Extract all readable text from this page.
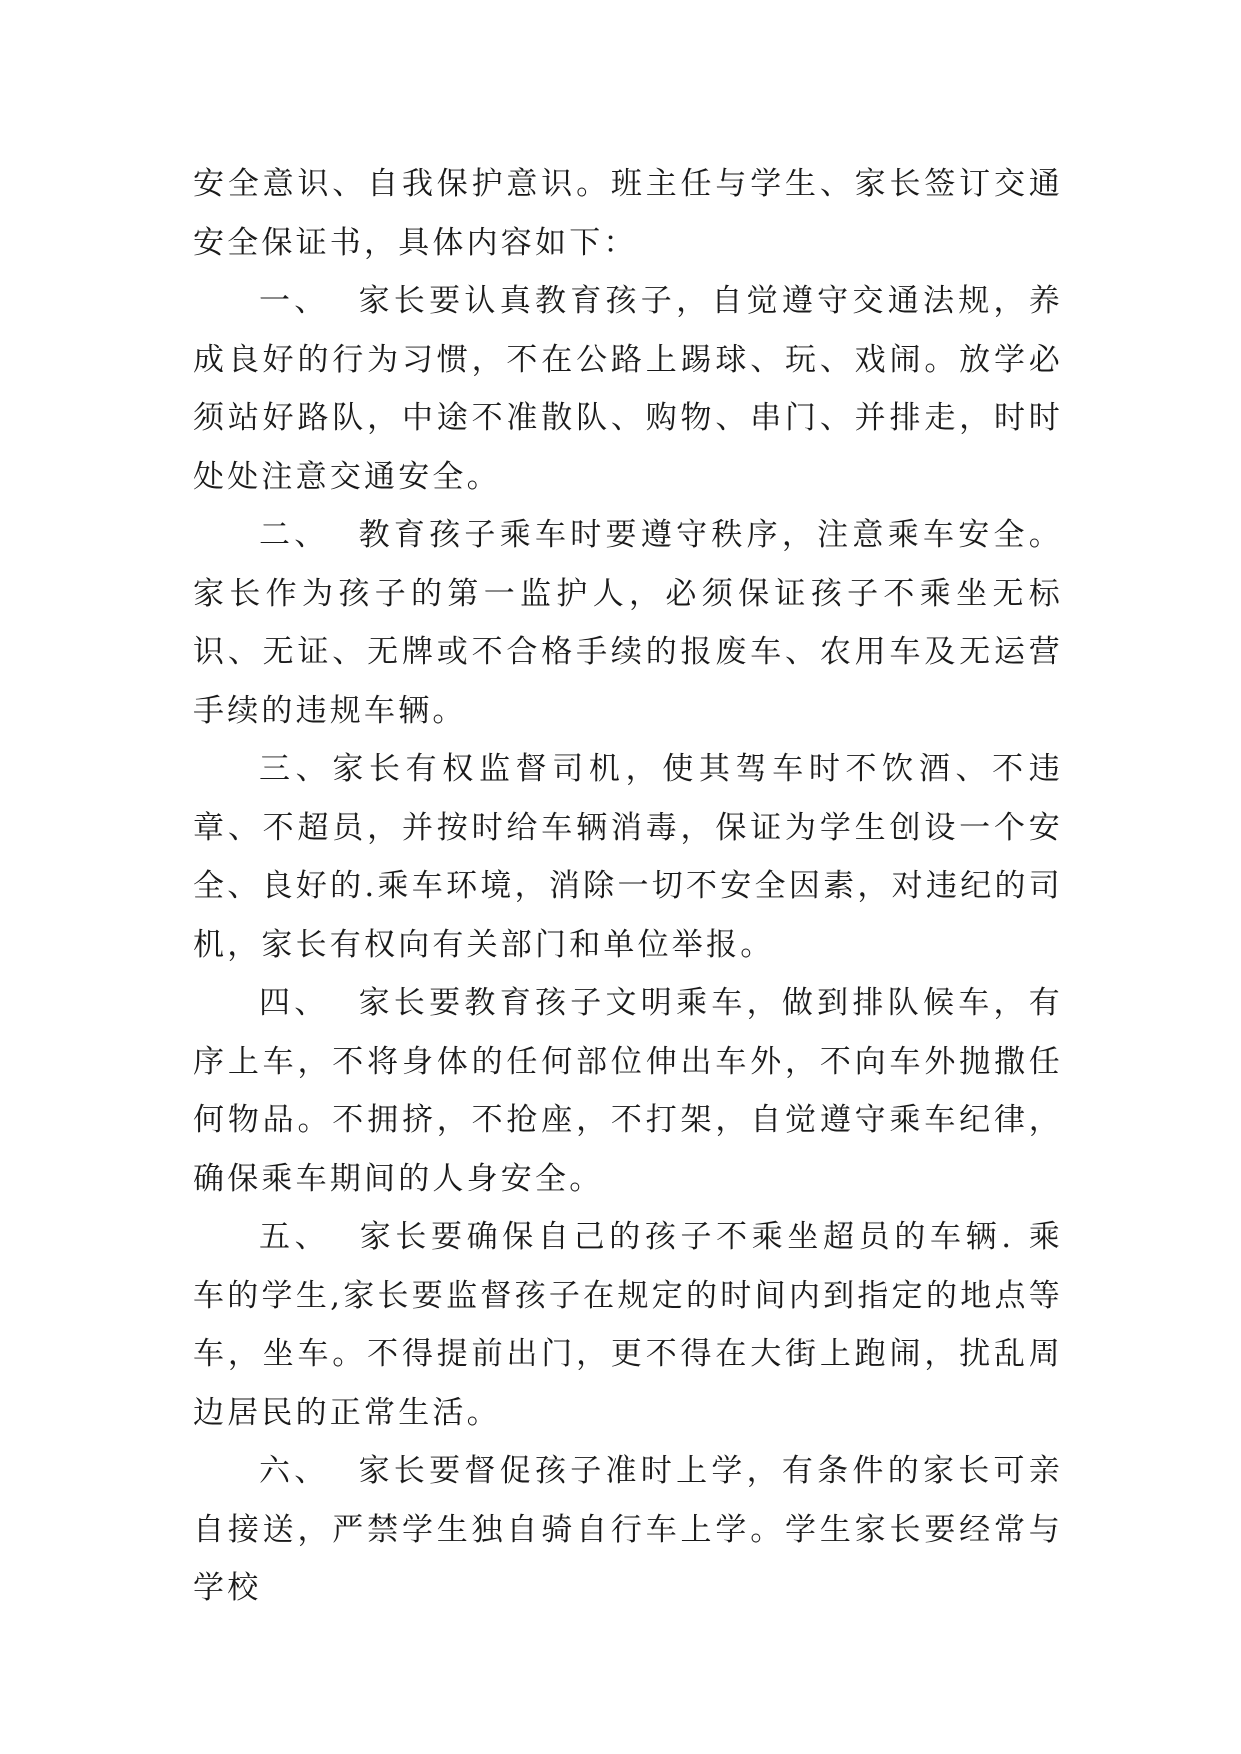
安全意识、自我保护意识。班主任与学生、家长签订交通安全保证书，具体内容如下：

一、 家长要认真教育孩子，自觉遵守交通法规，养成良好的行为习惯，不在公路上踢球、玩、戏闹。放学必须站好路队，中途不准散队、购物、串门、并排走，时时处处注意交通安全。

二、 教育孩子乘车时要遵守秩序，注意乘车安全。 家长作为孩子的第一监护人，必须保证孩子不乘坐无标识、无证、无牌或不合格手续的报废车、农用车及无运营手续的违规车辆。

三、家长有权监督司机，使其驾车时不饮酒、不违章、不超员，并按时给车辆消毒，保证为学生创设一个安全、良好的.乘车环境，消除一切不安全因素，对违纪的司机，家长有权向有关部门和单位举报。

四、 家长要教育孩子文明乘车，做到排队候车，有序上车，不将身体的任何部位伸出车外，不向车外抛撒任何物品。不拥挤，不抢座，不打架，自觉遵守乘车纪律，确保乘车期间的人身安全。

五、 家长要确保自己的孩子不乘坐超员的车辆. 乘车的学生,家长要监督孩子在规定的时间内到指定的地点等车，坐车。不得提前出门，更不得在大街上跑闹，扰乱周边居民的正常生活。

六、 家长要督促孩子准时上学，有条件的家长可亲自接送，严禁学生独自骑自行车上学。学生家长要经常与学校
